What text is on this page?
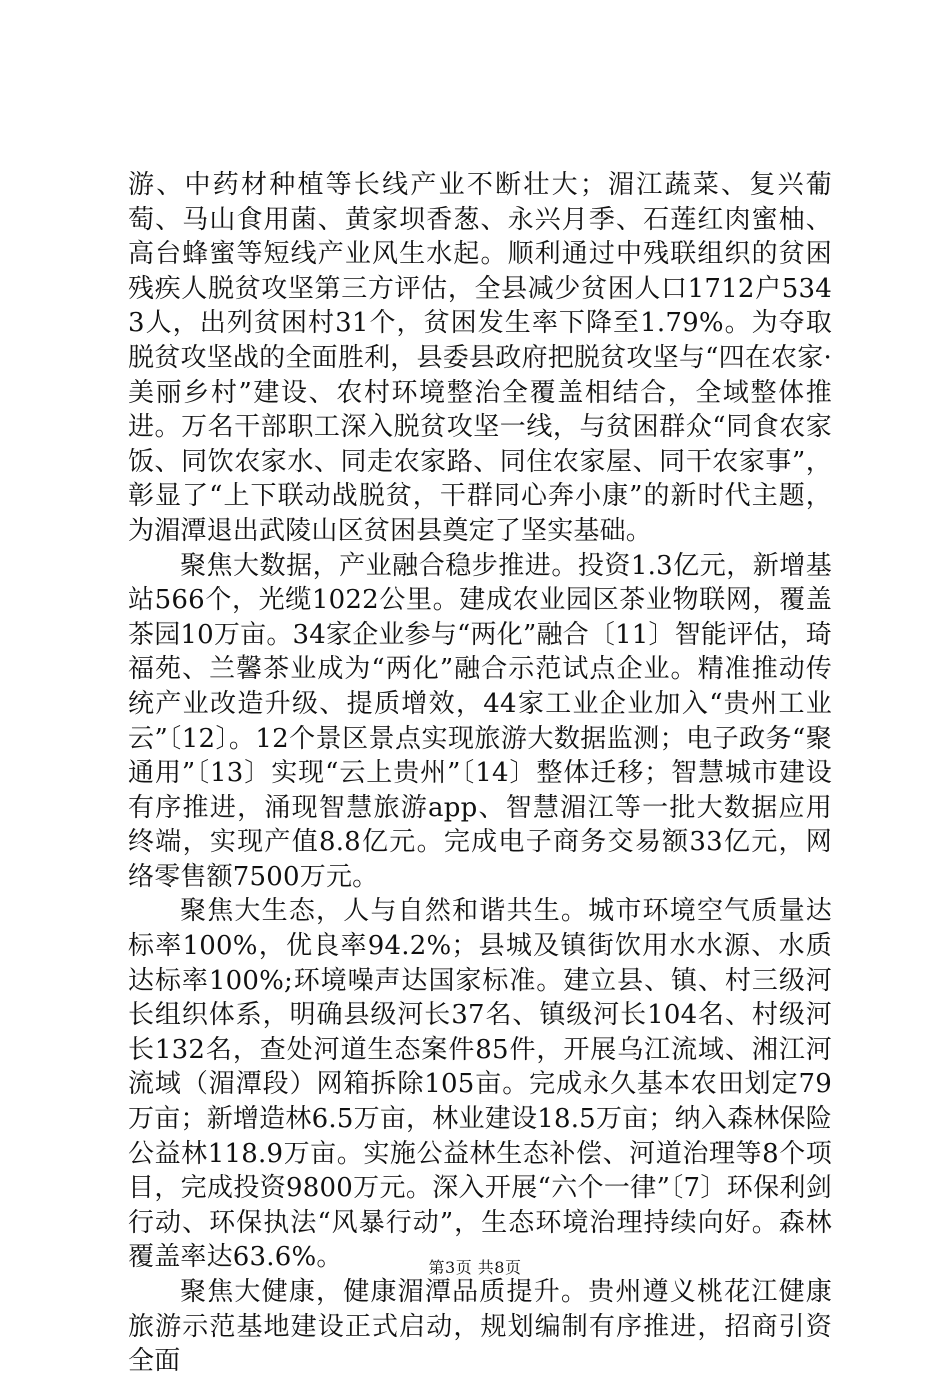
游、中药材种植等长线产业不断壮大；湄江蔬菜、复兴葡萄、马山食用菌、黄家坝香葱、永兴月季、石莲红肉蜜柚、高台蜂蜜等短线产业风生水起。顺利通过中残联组织的贫困残疾人脱贫攻坚第三方评估，全县减少贫困人口1712户5343人，出列贫困村31个，贫困发生率下降至1.79%。为夺取脱贫攻坚战的全面胜利，县委县政府把脱贫攻坚与“四在农家·美丽乡村”建设、农村环境整治全覆盖相结合，全域整体推进。万名干部职工深入脱贫攻坚一线，与贫困群众“同食农家饭、同饮农家水、同走农家路、同住农家屋、同干农家事”，彰显了“上下联动战脱贫，干群同心奔小康”的新时代主题，为湄潭退出武陵山区贫困县奠定了坚实基础。

聚焦大数据，产业融合稳步推进。投资1.3亿元，新增基站566个，光缆1022公里。建成农业园区茶业物联网，覆盖茶园10万亩。34家企业参与“两化”融合〔11〕智能评估，琦福苑、兰馨茶业成为“两化”融合示范试点企业。精准推动传统产业改造升级、提质增效，44家工业企业加入“贵州工业云”〔12〕。12个景区景点实现旅游大数据监测；电子政务“聚通用”〔13〕实现“云上贵州”〔14〕整体迁移；智慧城市建设有序推进，涌现智慧旅游app、智慧湄江等一批大数据应用终端，实现产值8.8亿元。完成电子商务交易额33亿元，网络零售额7500万元。

聚焦大生态，人与自然和谐共生。城市环境空气质量达标率100%，优良率94.2%；县城及镇街饮用水水源、水质达标率100%;环境噪声达国家标准。建立县、镇、村三级河长组织体系，明确县级河长37名、镇级河长104名、村级河长132名，查处河道生态案件85件，开展乌江流域、湘江河流域（湄潭段）网箱拆除105亩。完成永久基本农田划定79万亩；新增造林6.5万亩，林业建设18.5万亩；纳入森林保险公益林118.9万亩。实施公益林生态补偿、河道治理等8个项目，完成投资9800万元。深入开展“六个一律”〔7〕环保利剑行动、环保执法“风暴行动”，生态环境治理持续向好。森林覆盖率达63.6%。

聚焦大健康，健康湄潭品质提升。贵州遵义桃花江健康旅游示范基地建设正式启动，规划编制有序推进，招商引资全面

第3页 共8页
